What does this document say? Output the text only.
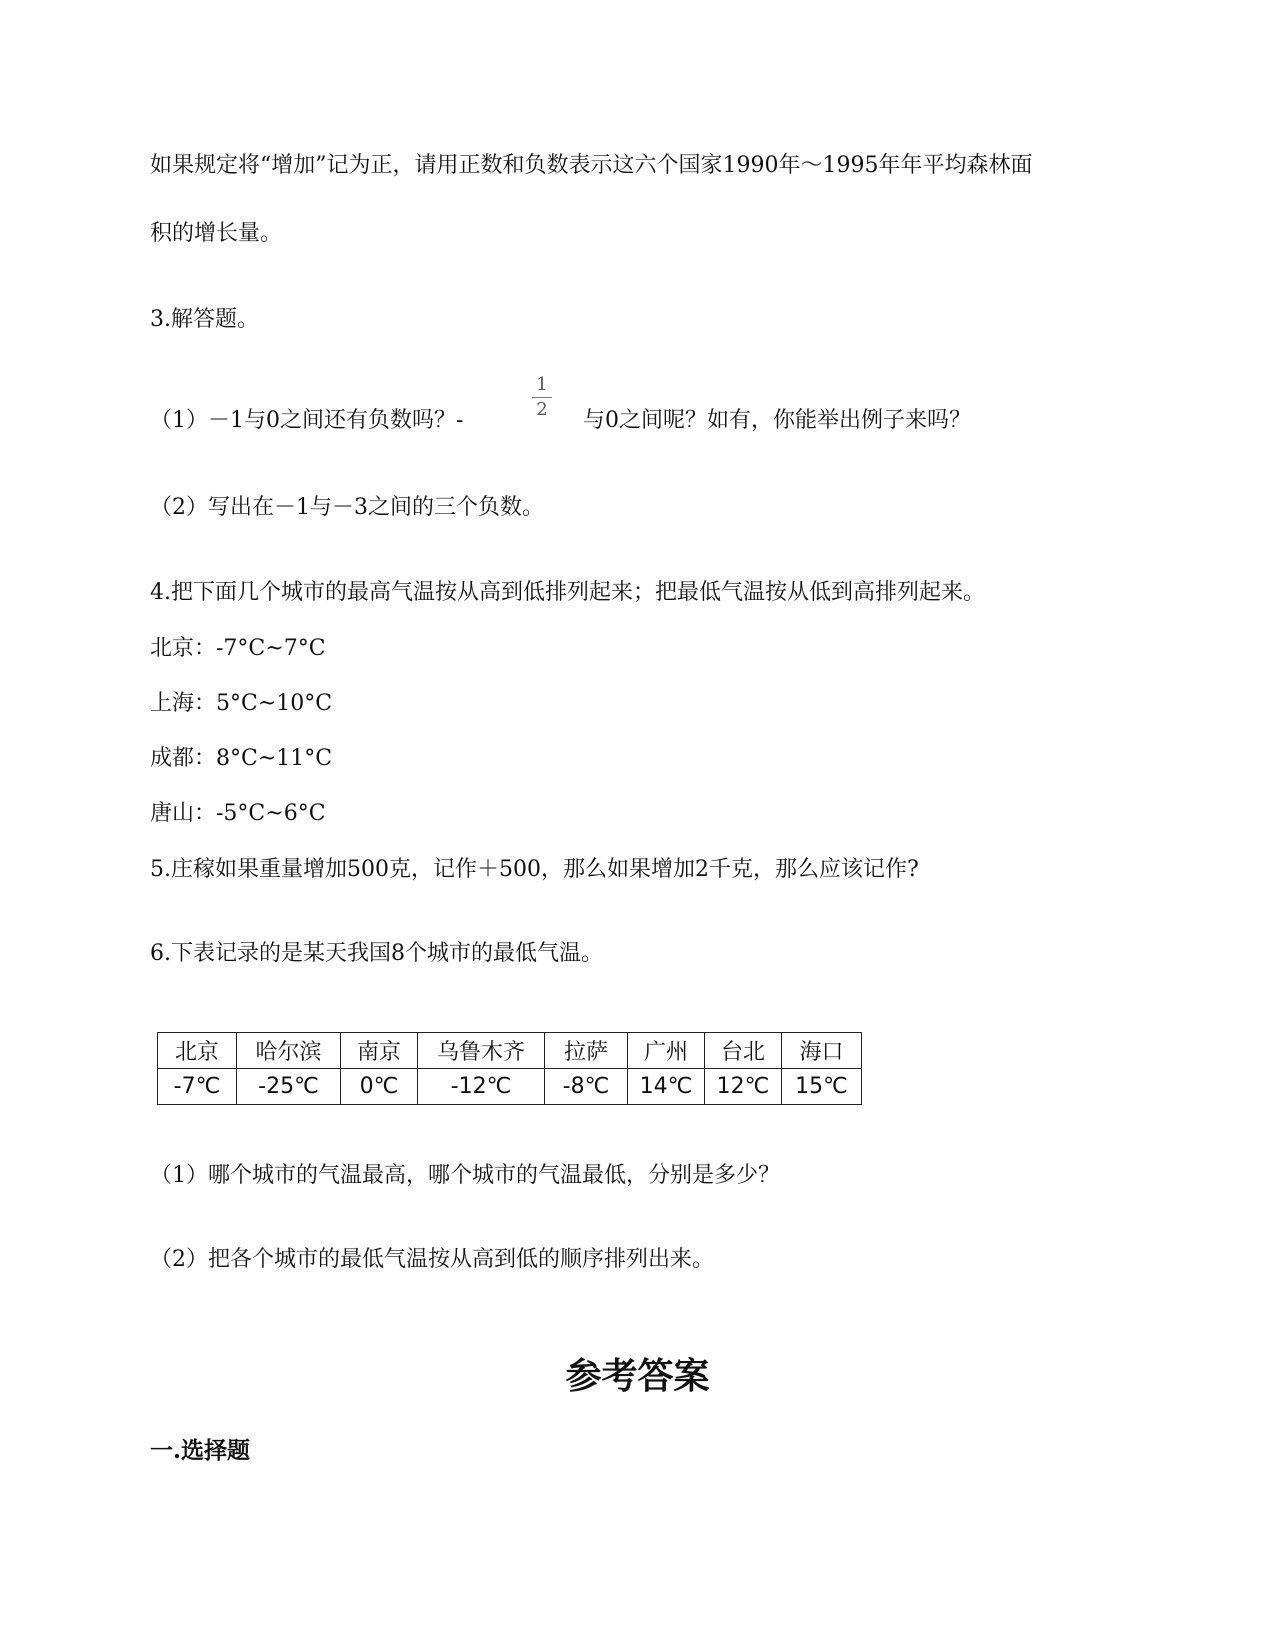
如果规定将“增加”记为正，请用正数和负数表示这六个国家1990年～1995年年平均森林面
积的增长量。
3.解答题。
（1）－1与0之间还有负数吗？-
1
2 与0之间呢？如有，你能举出例子来吗？
（2）写出在－1与－3之间的三个负数。
4.把下面几个城市的最高气温按从高到低排列起来；把最低气温按从低到高排列起来。
北京：-7°C~7°C
上海：5°C~10°C
成都：8°C~11°C
唐山：-5°C~6°C
5.庄稼如果重量增加500克，记作＋500，那么如果增加2千克，那么应该记作?
6.下表记录的是某天我国8个城市的最低气温。
北京	哈尔滨	南京	乌鲁木齐	拉萨	广州	台北	海口
-7℃	-25℃	0℃	-12℃	-8℃	14℃	12℃	15℃
（1）哪个城市的气温最高，哪个城市的气温最低，分别是多少？
（2）把各个城市的最低气温按从高到低的顺序排列出来。
参考答案
一.选择题
